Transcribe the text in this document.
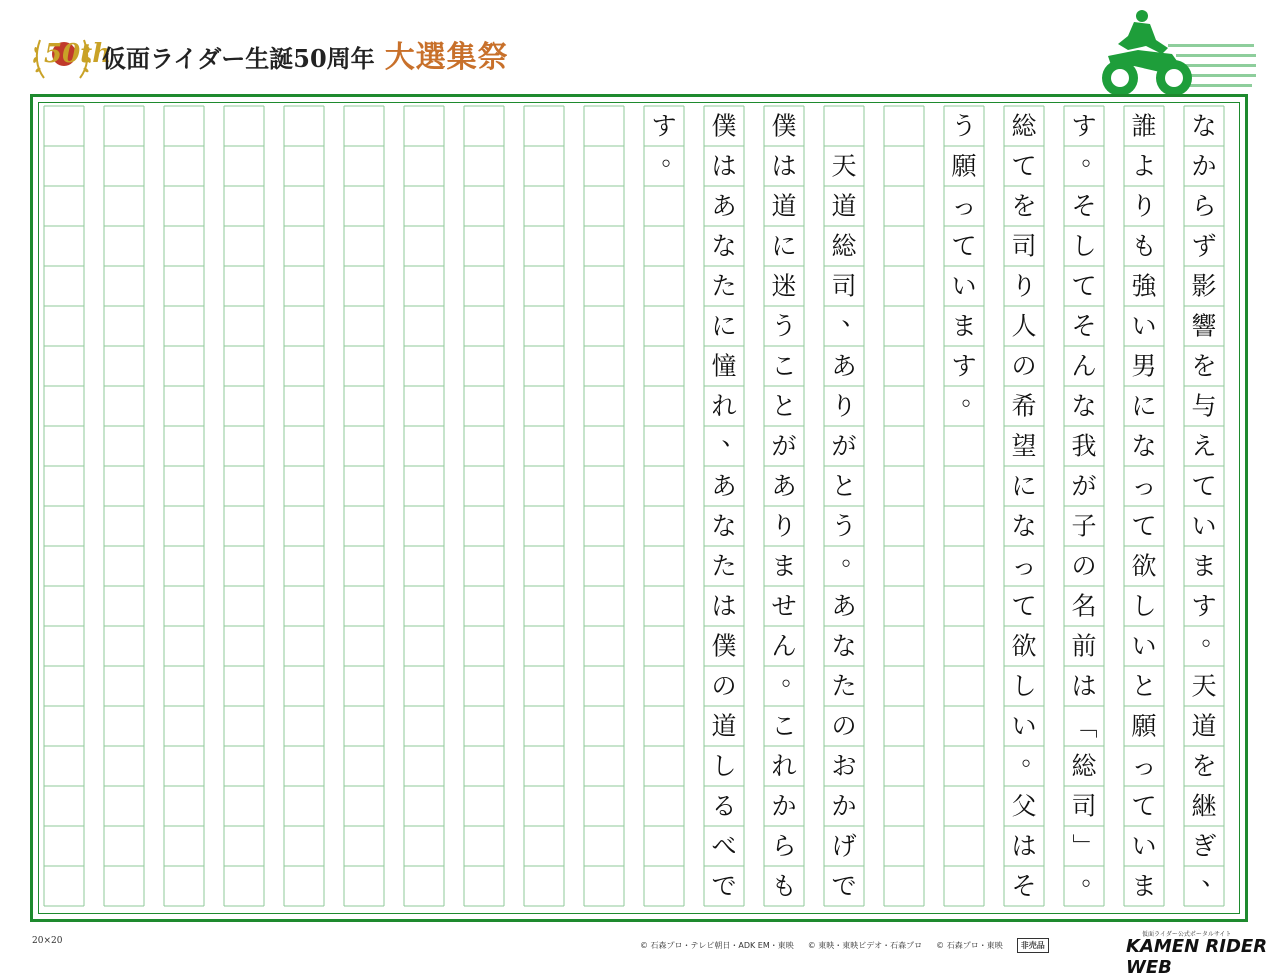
50th
仮面ライダー生誕50周年 大選集祭
な
か
ら
ず
影
響
を
与
え
て
い
ま
す
。
天
道
を
継
ぎ
、
誰
よ
り
も
強
い
男
に
な
っ
て
欲
し
い
と
願
っ
て
い
ま
す
。
そ
し
て
そ
ん
な
我
が
子
の
名
前
は
「
総
司
」
。
総
て
を
司
り
人
の
希
望
に
な
っ
て
欲
し
い
。
父
は
そ
う
願
っ
て
い
ま
す
。
天
道
総
司
、
あ
り
が
と
う
。
あ
な
た
の
お
か
げ
で
僕
は
道
に
迷
う
こ
と
が
あ
り
ま
せ
ん
。
こ
れ
か
ら
も
僕
は
あ
な
た
に
憧
れ
、
あ
な
た
は
僕
の
道
し
る
べ
で
す
。
20×20	© 石森プロ・テレビ朝日・ADK EM・東映 © 東映・東映ビデオ・石森プロ © 石森プロ・東映	非売品
仮面ライダー公式ポータルサイト
KAMEN RIDER WEB
